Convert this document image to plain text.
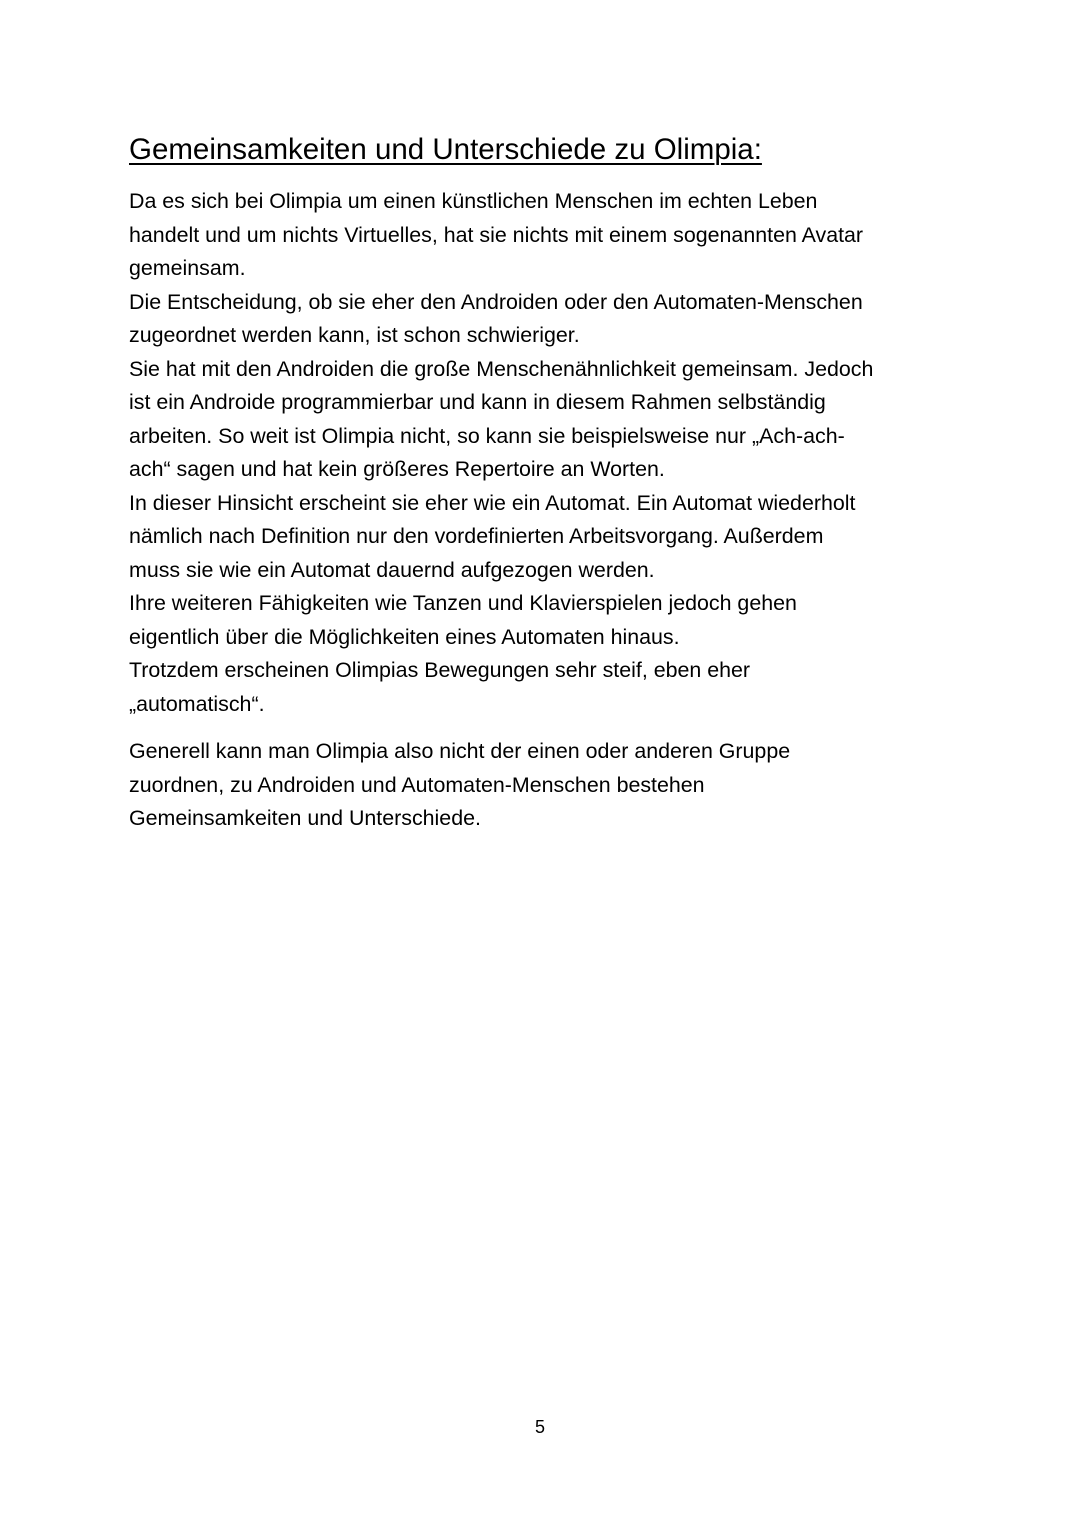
Gemeinsamkeiten und Unterschiede zu Olimpia:
Da es sich bei Olimpia um einen künstlichen Menschen im echten Leben
handelt und um nichts Virtuelles, hat sie nichts mit einem sogenannten Avatar
gemeinsam.
Die Entscheidung, ob sie eher den Androiden oder den Automaten-Menschen
zugeordnet werden kann, ist schon schwieriger.
Sie hat mit den Androiden die große Menschenähnlichkeit gemeinsam. Jedoch
ist ein Androide programmierbar und kann in diesem Rahmen selbständig
arbeiten. So weit ist Olimpia nicht, so kann sie beispielsweise nur „Ach-ach-
ach“ sagen und hat kein größeres Repertoire an Worten.
In dieser Hinsicht erscheint sie eher wie ein Automat. Ein Automat wiederholt
nämlich nach Definition nur den vordefinierten Arbeitsvorgang. Außerdem
muss sie wie ein Automat dauernd aufgezogen werden.
Ihre weiteren Fähigkeiten wie Tanzen und Klavierspielen jedoch gehen
eigentlich über die Möglichkeiten eines Automaten hinaus.
Trotzdem erscheinen Olimpias Bewegungen sehr steif, eben eher
„automatisch“.
Generell kann man Olimpia also nicht der einen oder anderen Gruppe
zuordnen, zu Androiden und Automaten-Menschen bestehen
Gemeinsamkeiten und Unterschiede.
5
